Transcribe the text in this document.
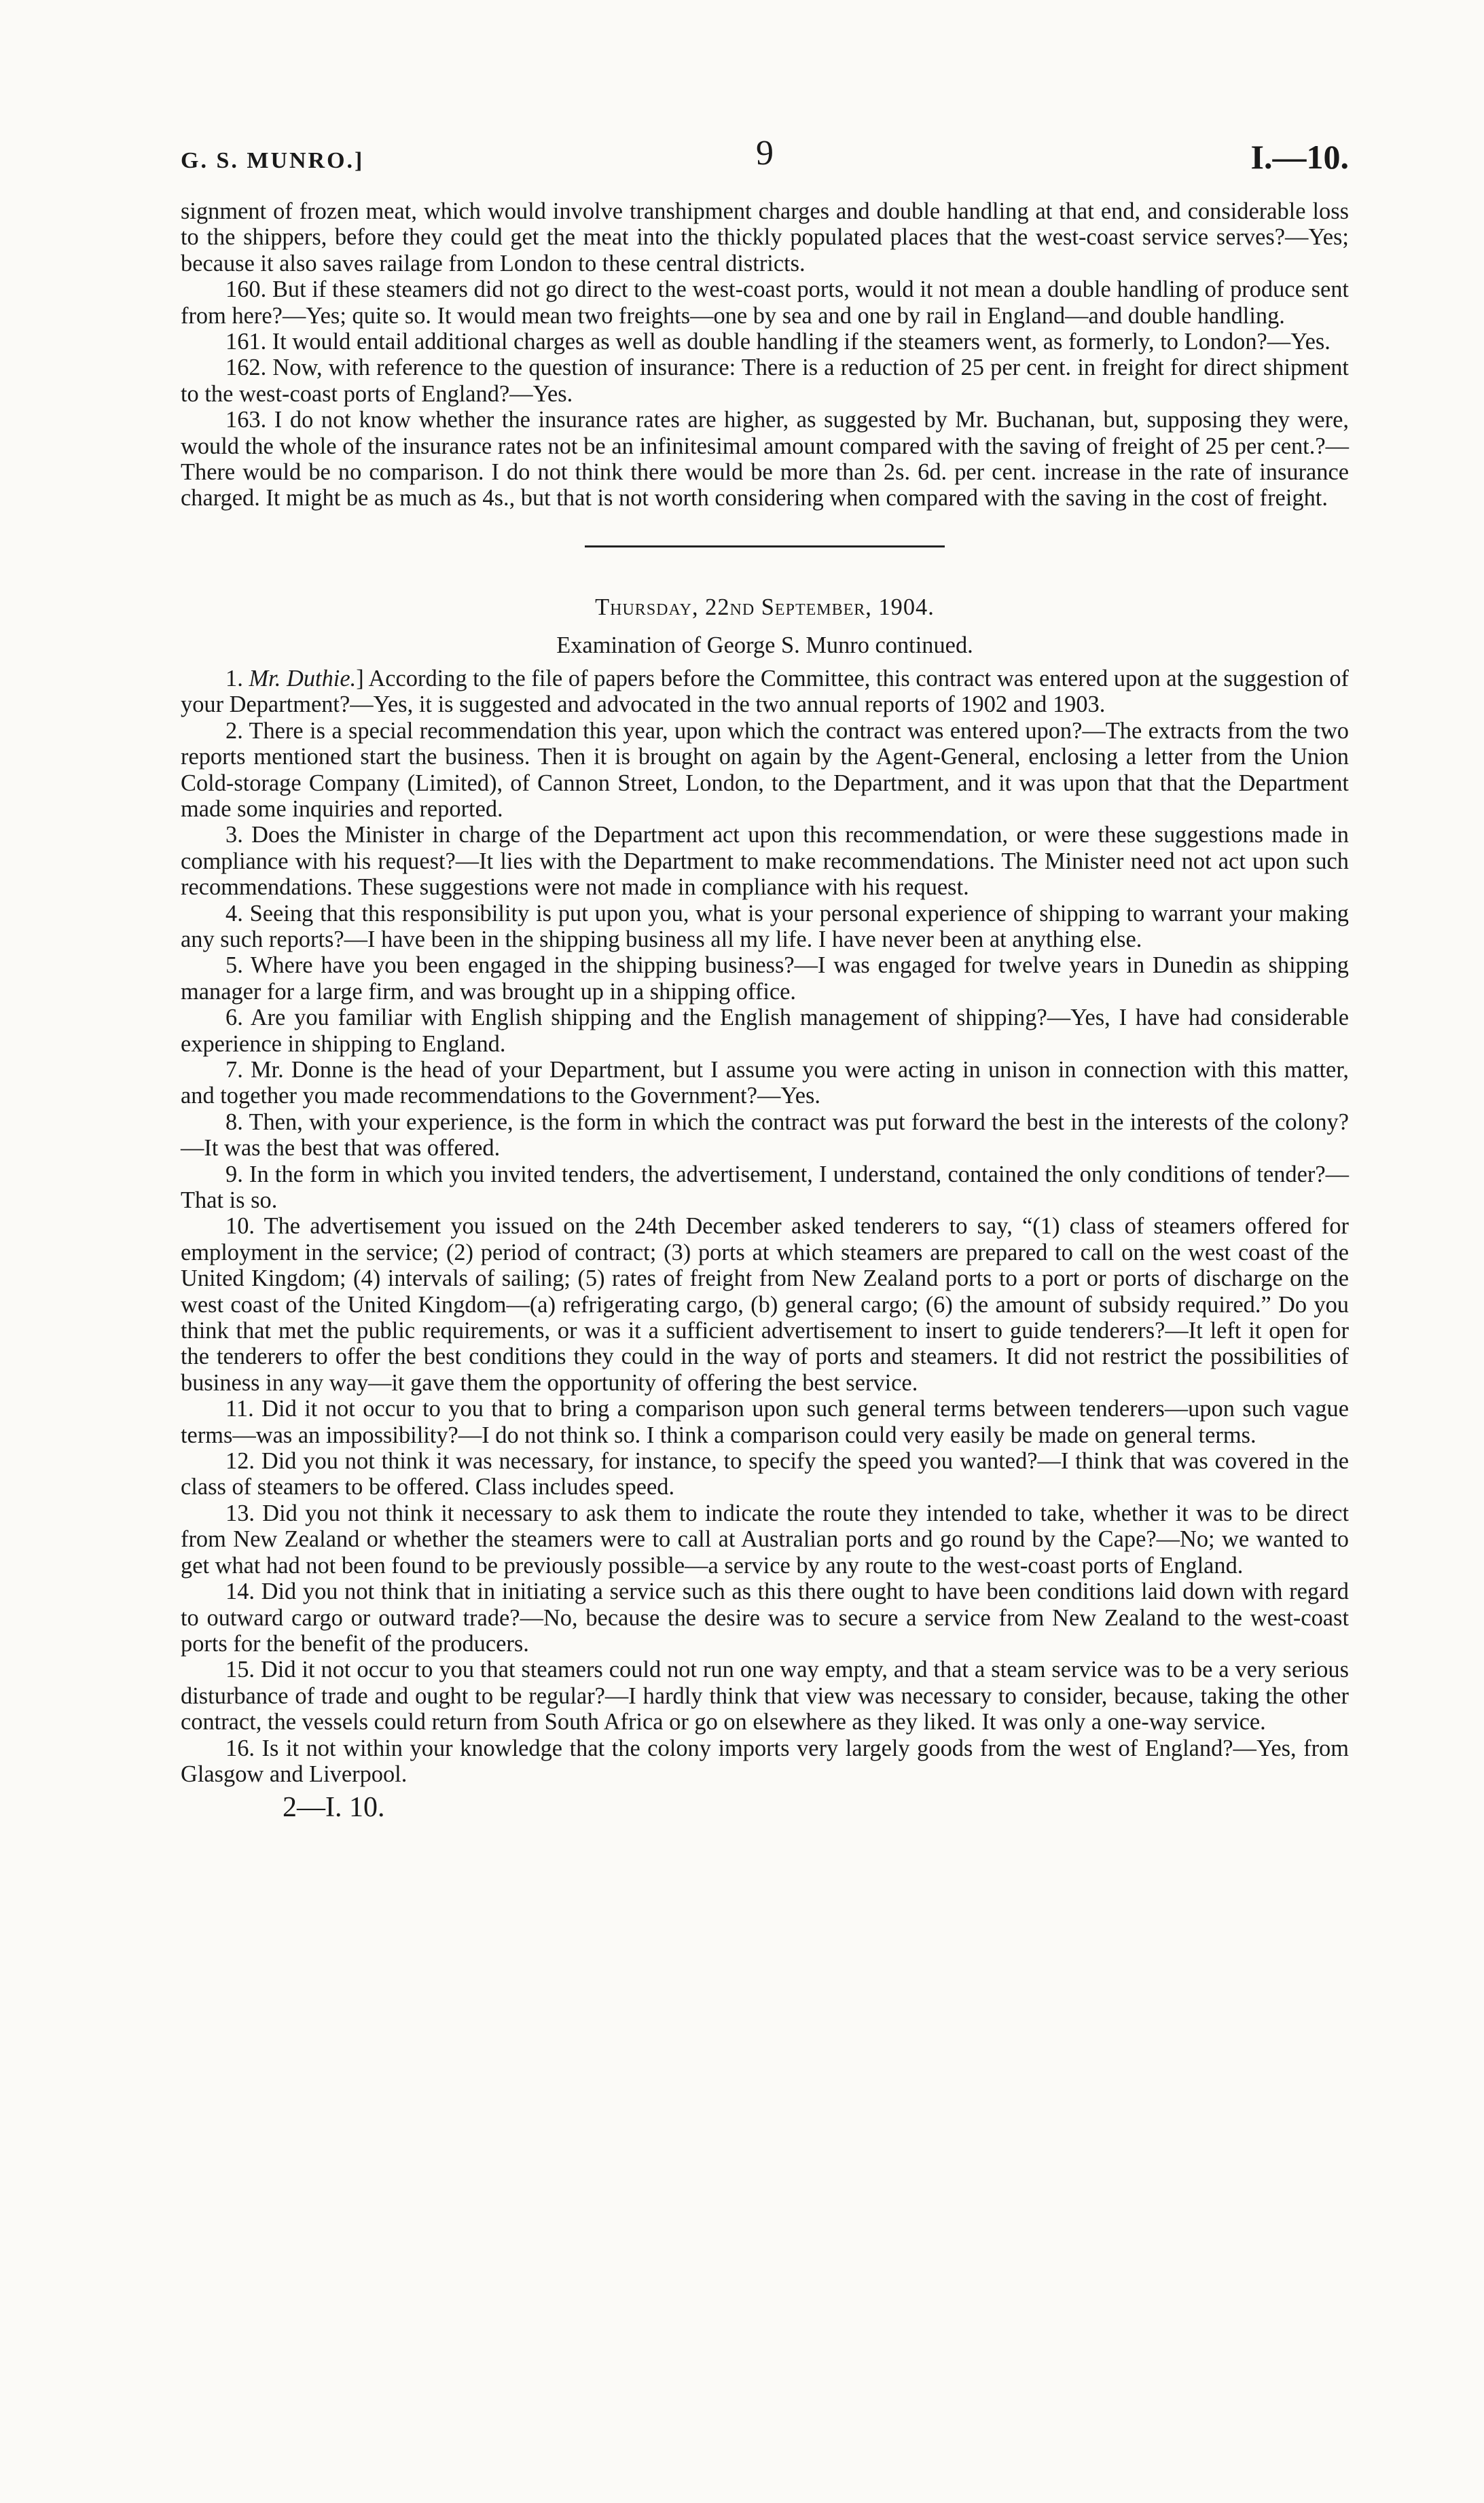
G. S. MUNRO.]	9	I.—10.

signment of frozen meat, which would involve transhipment charges and double handling at that end, and considerable loss to the shippers, before they could get the meat into the thickly populated places that the west-coast service serves?—Yes; because it also saves railage from London to these central districts.

160. But if these steamers did not go direct to the west-coast ports, would it not mean a double handling of produce sent from here?—Yes; quite so. It would mean two freights—one by sea and one by rail in England—and double handling.

161. It would entail additional charges as well as double handling if the steamers went, as formerly, to London?—Yes.

162. Now, with reference to the question of insurance: There is a reduction of 25 per cent. in freight for direct shipment to the west-coast ports of England?—Yes.

163. I do not know whether the insurance rates are higher, as suggested by Mr. Buchanan, but, supposing they were, would the whole of the insurance rates not be an infinitesimal amount compared with the saving of freight of 25 per cent.?—There would be no comparison. I do not think there would be more than 2s. 6d. per cent. increase in the rate of insurance charged. It might be as much as 4s., but that is not worth considering when compared with the saving in the cost of freight.

Thursday, 22nd September, 1904.
Examination of George S. Munro continued.

1. Mr. Duthie.] According to the file of papers before the Committee, this contract was entered upon at the suggestion of your Department?—Yes, it is suggested and advocated in the two annual reports of 1902 and 1903.

2. There is a special recommendation this year, upon which the contract was entered upon?—The extracts from the two reports mentioned start the business. Then it is brought on again by the Agent-General, enclosing a letter from the Union Cold-storage Company (Limited), of Cannon Street, London, to the Department, and it was upon that that the Department made some inquiries and reported.

3. Does the Minister in charge of the Department act upon this recommendation, or were these suggestions made in compliance with his request?—It lies with the Department to make recommendations. The Minister need not act upon such recommendations. These suggestions were not made in compliance with his request.

4. Seeing that this responsibility is put upon you, what is your personal experience of shipping to warrant your making any such reports?—I have been in the shipping business all my life. I have never been at anything else.

5. Where have you been engaged in the shipping business?—I was engaged for twelve years in Dunedin as shipping manager for a large firm, and was brought up in a shipping office.

6. Are you familiar with English shipping and the English management of shipping?—Yes, I have had considerable experience in shipping to England.

7. Mr. Donne is the head of your Department, but I assume you were acting in unison in connection with this matter, and together you made recommendations to the Government?—Yes.

8. Then, with your experience, is the form in which the contract was put forward the best in the interests of the colony?—It was the best that was offered.

9. In the form in which you invited tenders, the advertisement, I understand, contained the only conditions of tender?—That is so.

10. The advertisement you issued on the 24th December asked tenderers to say, “(1) class of steamers offered for employment in the service; (2) period of contract; (3) ports at which steamers are prepared to call on the west coast of the United Kingdom; (4) intervals of sailing; (5) rates of freight from New Zealand ports to a port or ports of discharge on the west coast of the United Kingdom—(a) refrigerating cargo, (b) general cargo; (6) the amount of subsidy required.” Do you think that met the public requirements, or was it a sufficient advertisement to insert to guide tenderers?—It left it open for the tenderers to offer the best conditions they could in the way of ports and steamers. It did not restrict the possibilities of business in any way—it gave them the opportunity of offering the best service.

11. Did it not occur to you that to bring a comparison upon such general terms between tenderers—upon such vague terms—was an impossibility?—I do not think so. I think a comparison could very easily be made on general terms.

12. Did you not think it was necessary, for instance, to specify the speed you wanted?—I think that was covered in the class of steamers to be offered. Class includes speed.

13. Did you not think it necessary to ask them to indicate the route they intended to take, whether it was to be direct from New Zealand or whether the steamers were to call at Australian ports and go round by the Cape?—No; we wanted to get what had not been found to be previously possible—a service by any route to the west-coast ports of England.

14. Did you not think that in initiating a service such as this there ought to have been conditions laid down with regard to outward cargo or outward trade?—No, because the desire was to secure a service from New Zealand to the west-coast ports for the benefit of the producers.

15. Did it not occur to you that steamers could not run one way empty, and that a steam service was to be a very serious disturbance of trade and ought to be regular?—I hardly think that view was necessary to consider, because, taking the other contract, the vessels could return from South Africa or go on elsewhere as they liked. It was only a one-way service.

16. Is it not within your knowledge that the colony imports very largely goods from the west of England?—Yes, from Glasgow and Liverpool.

2—I. 10.
